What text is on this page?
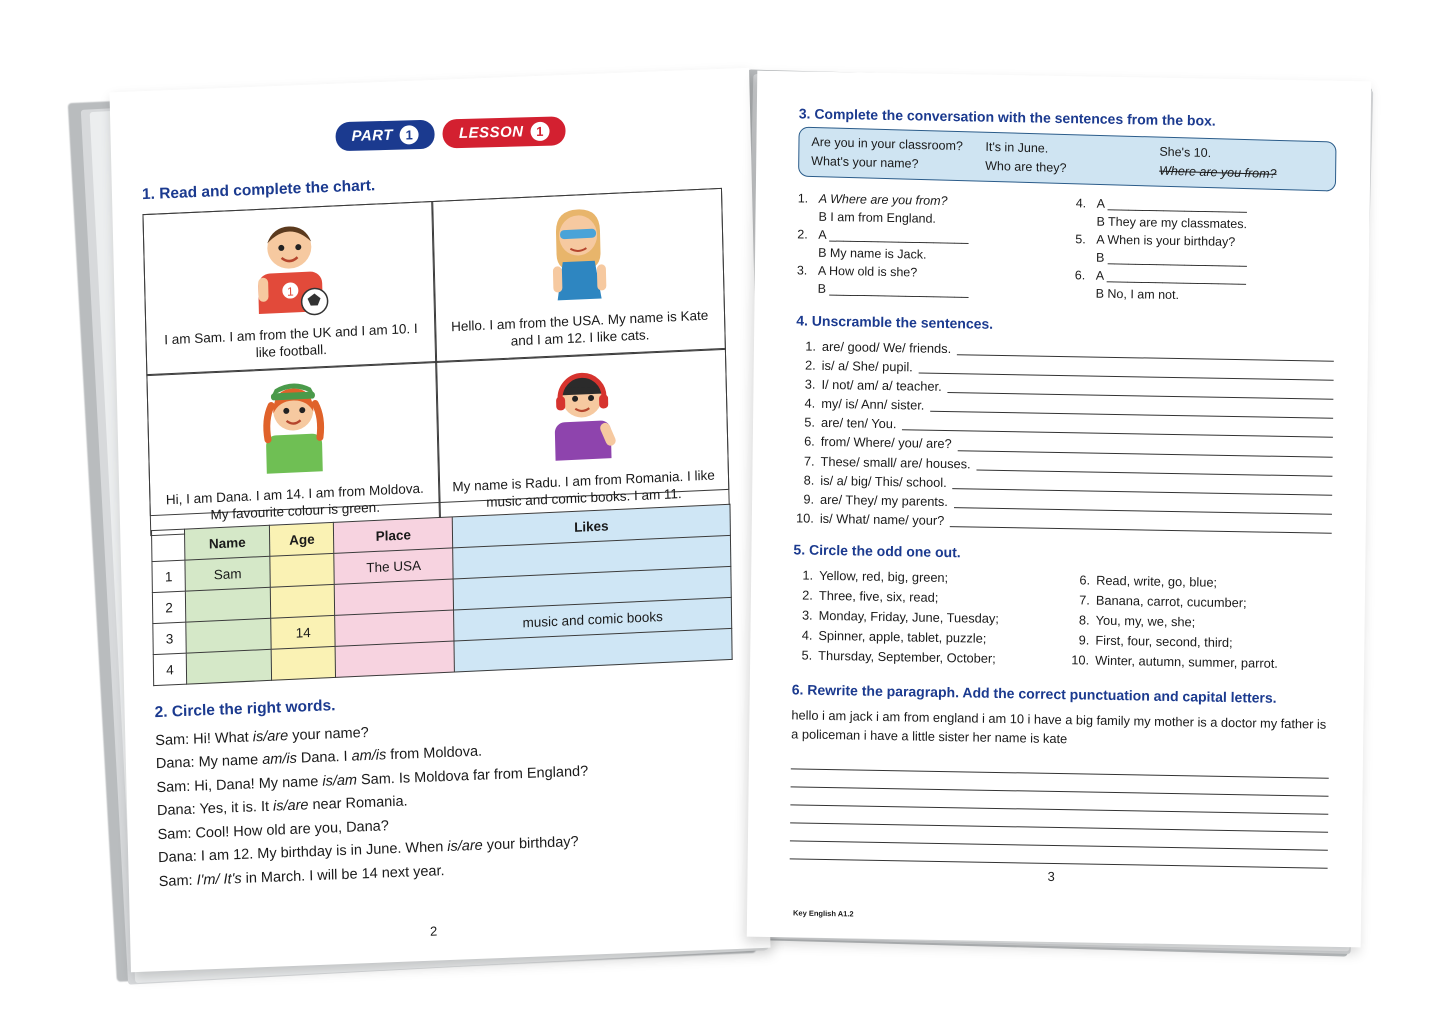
PART 1	LESSON 1
1. Read and complete the chart.
1

I am Sam. I am from the UK and I am 10. I like football.

Hello. I am from the USA. My name is Kate and I am 12. I like cats.

Hi, I am Dana. I am 14. I am from Moldova. My favourite colour is green.

My name is Radu. I am from Romania. I like music and comic books. I am 11.

	Name	Age	Place	Likes
1	Sam		The USA	
2				
3		14		music and comic books
4				
2. Circle the right words.
Sam: Hi! What is/are your name?
Dana: My name am/is Dana. I am/is from Moldova.
Sam: Hi, Dana! My name is/am Sam. Is Moldova far from England?
Dana: Yes, it is. It is/are near Romania.
Sam: Cool! How old are you, Dana?
Dana: I am 12. My birthday is in June. When is/are your birthday?
Sam: I'm/ It's in March. I will be 14 next year.
2
3. Complete the conversation with the sentences from the box.
Are you in your classroom?	It's in June.	She's 10.
What's your name?	Who are they?	Where are you from?
1. A Where are you from?
B I am from England.
2. A ____________________
B My name is Jack.
3. A How old is she?
B ____________________
4. A ____________________
B They are my classmates.
5. A When is your birthday?
B ____________________
6. A ____________________
B No, I am not.
4. Unscramble the sentences.
1. are/ good/ We/ friends.
2. is/ a/ She/ pupil.
3. I/ not/ am/ a/ teacher.
4. my/ is/ Ann/ sister.
5. are/ ten/ You.
6. from/ Where/ you/ are?
7. These/ small/ are/ houses.
8. is/ a/ big/ This/ school.
9. are/ They/ my parents.
10. is/ What/ name/ your?
5. Circle the odd one out.
1. Yellow, red, big, green;
2. Three, five, six, read;
3. Monday, Friday, June, Tuesday;
4. Spinner, apple, tablet, puzzle;
5. Thursday, September, October;
6. Read, write, go, blue;
7. Banana, carrot, cucumber;
8. You, my, we, she;
9. First, four, second, third;
10. Winter, autumn, summer, parrot.
6. Rewrite the paragraph. Add the correct punctuation and capital letters.
hello i am jack i am from england i am 10 i have a big family my mother is a doctor my father is a policeman i have a little sister her name is kate
3
Key English A1.2
